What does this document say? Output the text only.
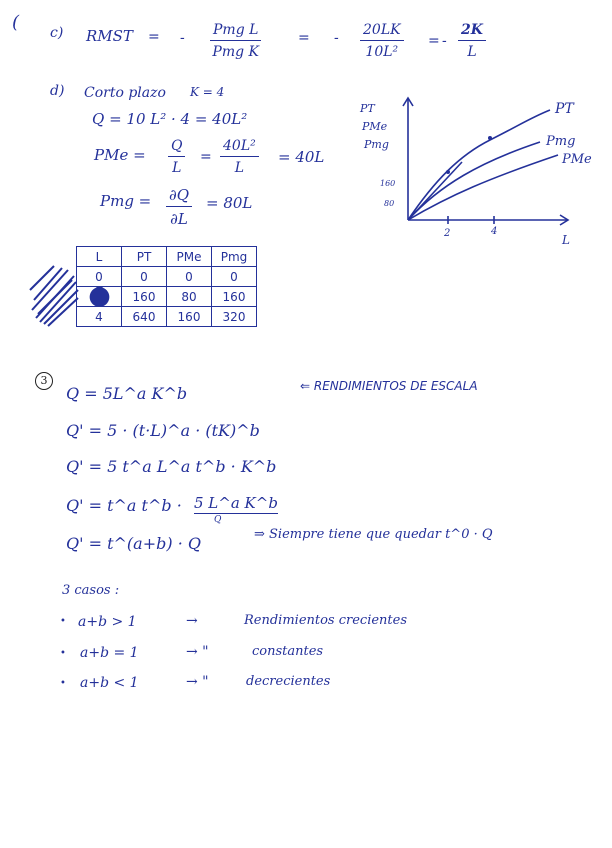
( c) RMST = - Pmg L
Pmg K
= - $\frac{20LK}{\text{10L²}}$ = - $\frac{2K}{L}$
d) Corto plazo K = 4
Q = 10 L² · 4 = 40L²
PMe = $\frac{Q}{L} = \frac{\text{40L²}}{L} = 40L$
Pmg = $\frac{\partial Q}{\partial L} = 80L$
L	PT	PMe	Pmg
0	0	0	0
	160	80	160
4	640	160	320
PT
PMe
Pmg
160
80
2	4
L
PT
Pmg
PMe
3
Q = 5L^a K^b	⇐ RENDIMIENTOS DE ESCALA
Q' = 5 · (t·L)^a · (tK)^b
Q' = 5 t^a L^a t^b · K^b
Q' = t^a t^b · 5 L^a K^b
Q
Q' = t^(a+b) · Q	⇒ Siempre tiene que quedar t^0 · Q
3 casos :
• a+b > 1	→	Rendimientos crecientes
• a+b = 1	→ "	constantes
• a+b < 1	→ "	decrecientes
